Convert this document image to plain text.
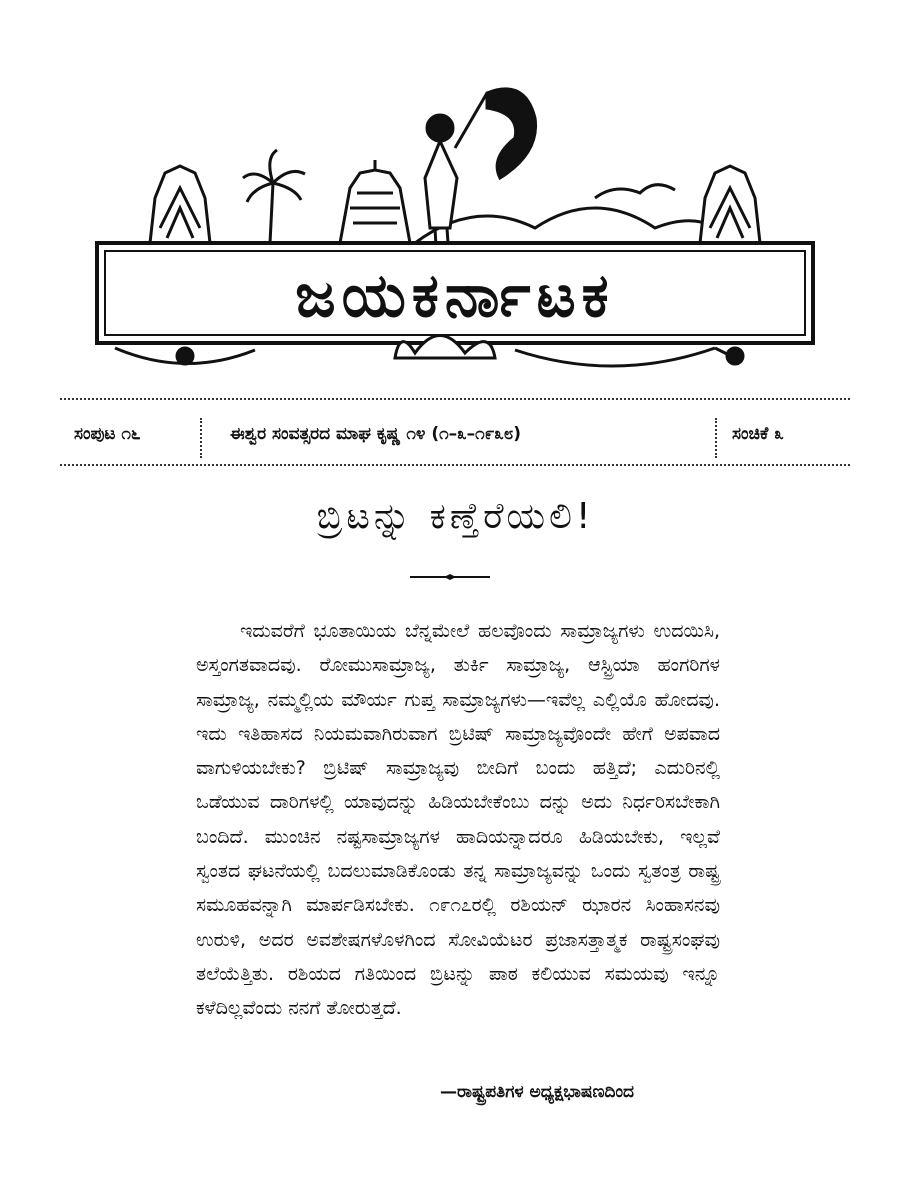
ಜಯಕರ್ನಾಟಕ
ಸಂಪುಟ ೧೬	ಈಶ್ವರ ಸಂವತ್ಸರದ ಮಾಘ ಕೃಷ್ಣ ೧೪ (೧–೩–೧೯೩೮)	ಸಂಚಿಕೆ ೩
ಬ್ರಿಟನ್ನು ಕಣ್ತೆರೆಯಲಿ!

ಇದುವರೆಗೆ ಭೂತಾಯಿಯ ಬೆನ್ನಮೇಲೆ ಹಲವೊಂದು ಸಾಮ್ರಾಜ್ಯಗಳು ಉದಯಿಸಿ, ಅಸ್ತಂಗತವಾದವು. ರೋಮುಸಾಮ್ರಾಜ್ಯ, ತುರ್ಕಿ ಸಾಮ್ರಾಜ್ಯ, ಆಸ್ಟ್ರಿಯಾ ಹಂಗರಿಗಳ ಸಾಮ್ರಾಜ್ಯ, ನಮ್ಮಲ್ಲಿಯ ಮೌರ್ಯ ಗುಪ್ತ ಸಾಮ್ರಾಜ್ಯಗಳು—ಇವೆಲ್ಲ ಎಲ್ಲಿಯೊ ಹೋದವು. ಇದು ಇತಿಹಾಸದ ನಿಯಮವಾಗಿರುವಾಗ ಬ್ರಿಟಿಷ್ ಸಾಮ್ರಾಜ್ಯವೊಂದೇ ಹೇಗೆ ಅಪವಾದ ವಾಗುಳಿಯಬೇಕು? ಬ್ರಿಟಿಷ್ ಸಾಮ್ರಾಜ್ಯವು ಬೀದಿಗೆ ಬಂದು ಹತ್ತಿದೆ; ಎದುರಿನಲ್ಲಿ ಒಡೆಯುವ ದಾರಿಗಳಲ್ಲಿ ಯಾವುದನ್ನು ಹಿಡಿಯಬೇಕೆಂಬು ದನ್ನು ಅದು ನಿರ್ಧರಿಸಬೇಕಾಗಿ ಬಂದಿದೆ. ಮುಂಚಿನ ನಷ್ಟಸಾಮ್ರಾಜ್ಯಗಳ ಹಾದಿಯನ್ನಾದರೂ ಹಿಡಿಯಬೇಕು, ಇಲ್ಲವೆ ಸ್ವಂತದ ಘಟನೆಯಲ್ಲಿ ಬದಲುಮಾಡಿಕೊಂಡು ತನ್ನ ಸಾಮ್ರಾಜ್ಯವನ್ನು ಒಂದು ಸ್ವತಂತ್ರ ರಾಷ್ಟ್ರ ಸಮೂಹವನ್ನಾಗಿ ಮಾರ್ಪಡಿಸಬೇಕು. ೧೯೧೭ರಲ್ಲಿ ರಶಿಯನ್ ಝಾರನ ಸಿಂಹಾಸನವು ಉರುಳಿ, ಅದರ ಅವಶೇಷಗಳೊಳಗಿಂದ ಸೋವಿಯೆಟರ ಪ್ರಜಾಸತ್ತಾತ್ಮಕ ರಾಷ್ಟ್ರಸಂಘವು ತಲೆಯೆತ್ತಿತು. ರಶಿಯದ ಗತಿಯಿಂದ ಬ್ರಿಟನ್ನು ಪಾಠ ಕಲಿಯುವ ಸಮಯವು ಇನ್ನೂ ಕಳೆದಿಲ್ಲವೆಂದು ನನಗೆ ತೋರುತ್ತದೆ.

—ರಾಷ್ಟ್ರಪತಿಗಳ ಅಧ್ಯಕ್ಷಭಾಷಣದಿಂದ
